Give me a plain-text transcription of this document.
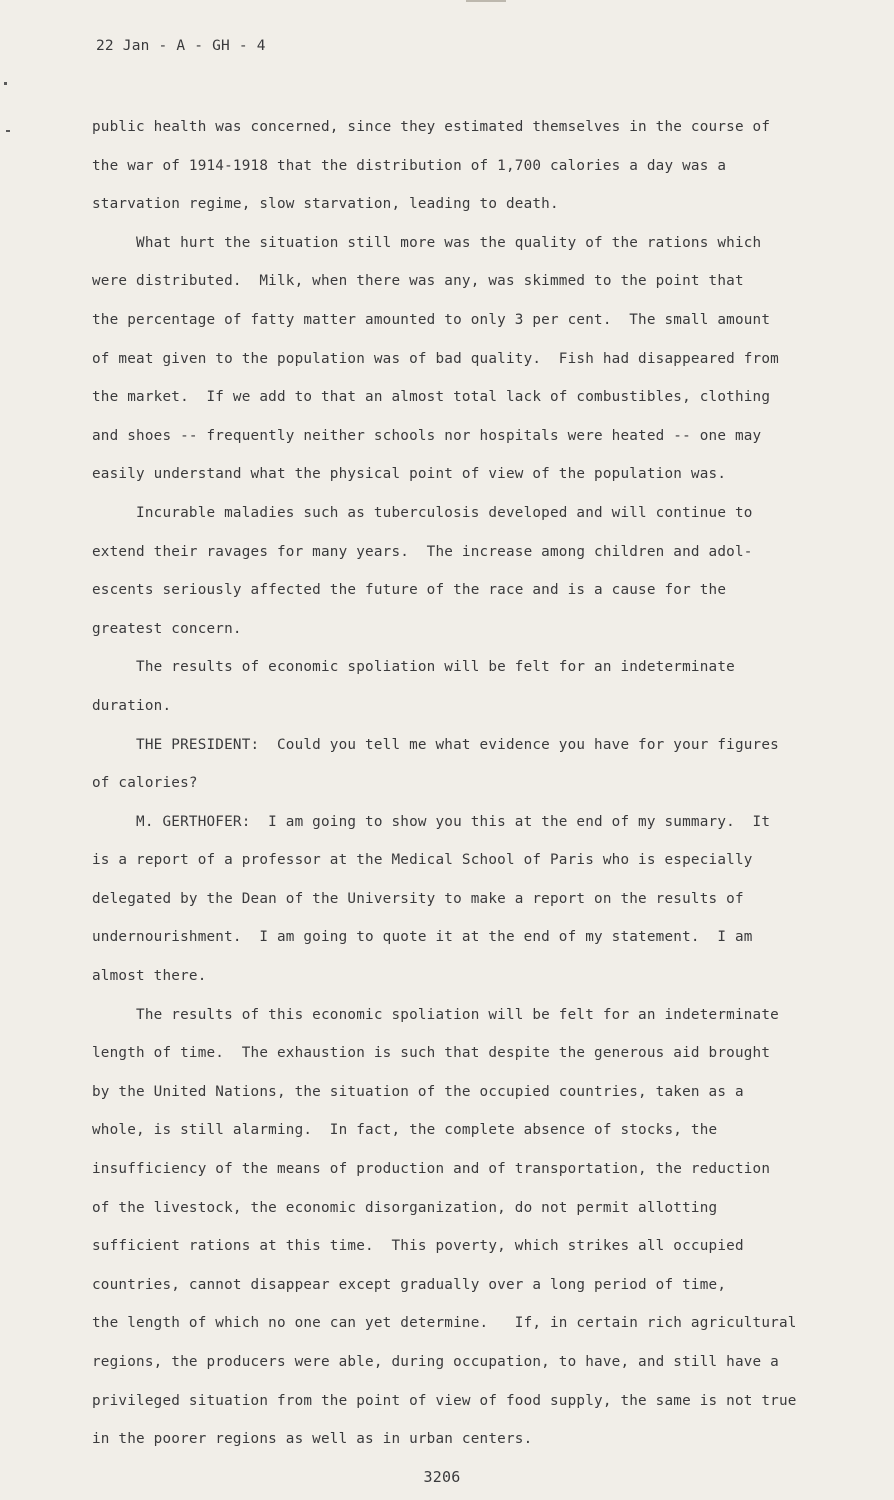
22 Jan - A - GH - 4
public health was concerned, since they estimated themselves in the course of
the war of 1914-1918 that the distribution of 1,700 calories a day was a
starvation regime, slow starvation, leading to death.
What hurt the situation still more was the quality of the rations which
were distributed.  Milk, when there was any, was skimmed to the point that
the percentage of fatty matter amounted to only 3 per cent.  The small amount
of meat given to the population was of bad quality.  Fish had disappeared from
the market.  If we add to that an almost total lack of combustibles, clothing
and shoes -- frequently neither schools nor hospitals were heated -- one may
easily understand what the physical point of view of the population was.
Incurable maladies such as tuberculosis developed and will continue to
extend their ravages for many years.  The increase among children and adol-
escents seriously affected the future of the race and is a cause for the
greatest concern.
The results of economic spoliation will be felt for an indeterminate
duration.
THE PRESIDENT:  Could you tell me what evidence you have for your figures
of calories?
M. GERTHOFER:  I am going to show you this at the end of my summary.  It
is a report of a professor at the Medical School of Paris who is especially
delegated by the Dean of the University to make a report on the results of
undernourishment.  I am going to quote it at the end of my statement.  I am
almost there.
The results of this economic spoliation will be felt for an indeterminate
length of time.  The exhaustion is such that despite the generous aid brought
by the United Nations, the situation of the occupied countries, taken as a
whole, is still alarming.  In fact, the complete absence of stocks, the
insufficiency of the means of production and of transportation, the reduction
of the livestock, the economic disorganization, do not permit allotting
sufficient rations at this time.  This poverty, which strikes all occupied
countries, cannot disappear except gradually over a long period of time,
the length of which no one can yet determine.   If, in certain rich agricultural
regions, the producers were able, during occupation, to have, and still have a
privileged situation from the point of view of food supply, the same is not true
in the poorer regions as well as in urban centers.
3206
